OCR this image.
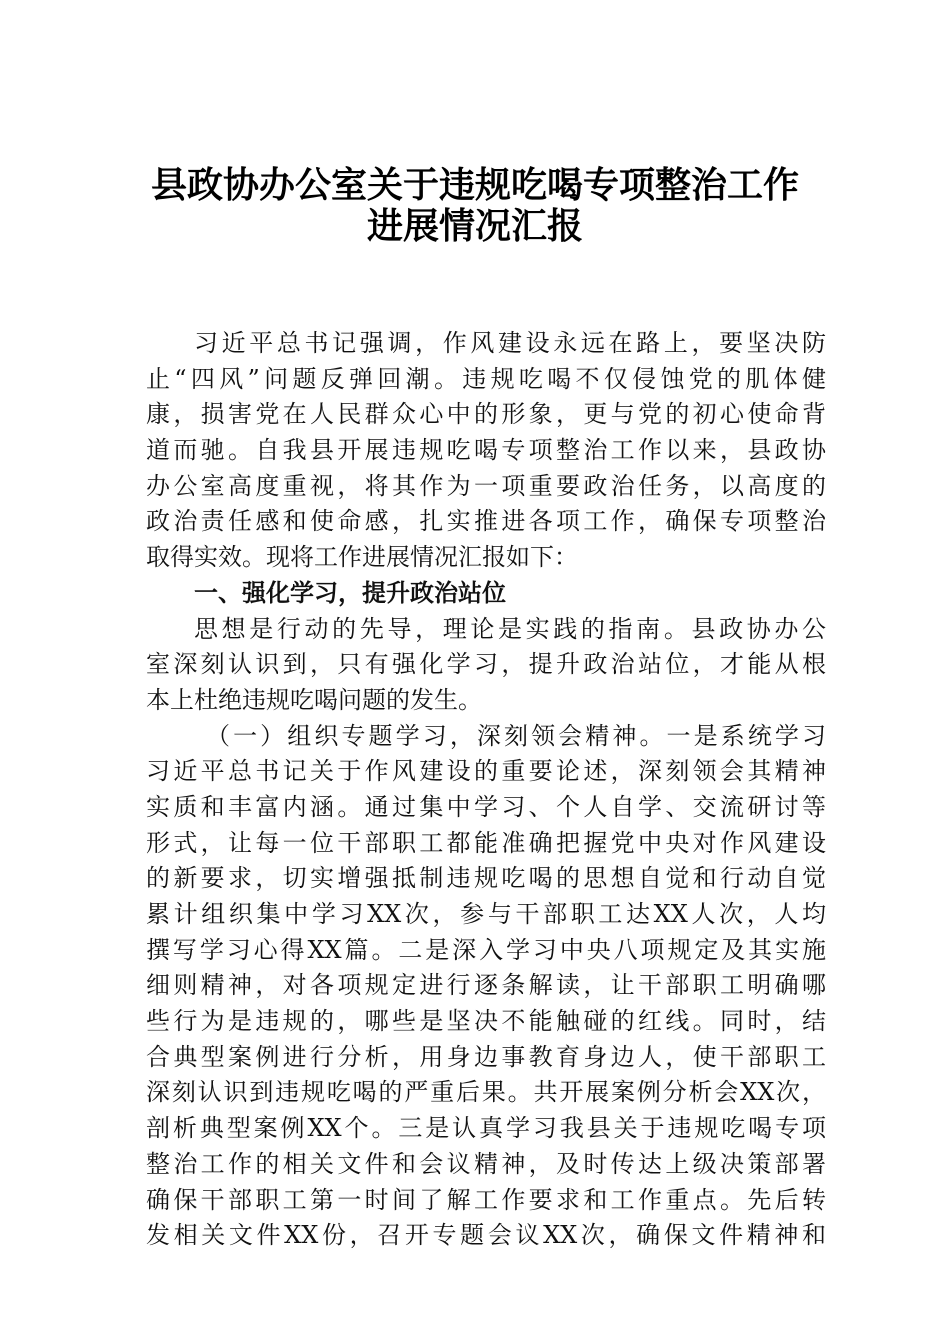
县政协办公室关于违规吃喝专项整治工作
进展情况汇报
习近平总书记强调，作风建设永远在路上，要坚决防
止“四风”问题反弹回潮。违规吃喝不仅侵蚀党的肌体健
康，损害党在人民群众心中的形象，更与党的初心使命背
道而驰。自我县开展违规吃喝专项整治工作以来，县政协
办公室高度重视，将其作为一项重要政治任务，以高度的
政治责任感和使命感，扎实推进各项工作，确保专项整治
取得实效。现将工作进展情况汇报如下：
一、强化学习，提升政治站位
思想是行动的先导，理论是实践的指南。县政协办公
室深刻认识到，只有强化学习，提升政治站位，才能从根
本上杜绝违规吃喝问题的发生。
（一）组织专题学习，深刻领会精神。一是系统学习
习近平总书记关于作风建设的重要论述，深刻领会其精神
实质和丰富内涵。通过集中学习、个人自学、交流研讨等
形式，让每一位干部职工都能准确把握党中央对作风建设
的新要求，切实增强抵制违规吃喝的思想自觉和行动自觉
累计组织集中学习XX次，参与干部职工达XX人次，人均
撰写学习心得XX篇。二是深入学习中央八项规定及其实施
细则精神，对各项规定进行逐条解读，让干部职工明确哪
些行为是违规的，哪些是坚决不能触碰的红线。同时，结
合典型案例进行分析，用身边事教育身边人，使干部职工
深刻认识到违规吃喝的严重后果。共开展案例分析会XX次，
剖析典型案例XX个。三是认真学习我县关于违规吃喝专项
整治工作的相关文件和会议精神，及时传达上级决策部署
确保干部职工第一时间了解工作要求和工作重点。先后转
发相关文件XX份，召开专题会议XX次，确保文件精神和
